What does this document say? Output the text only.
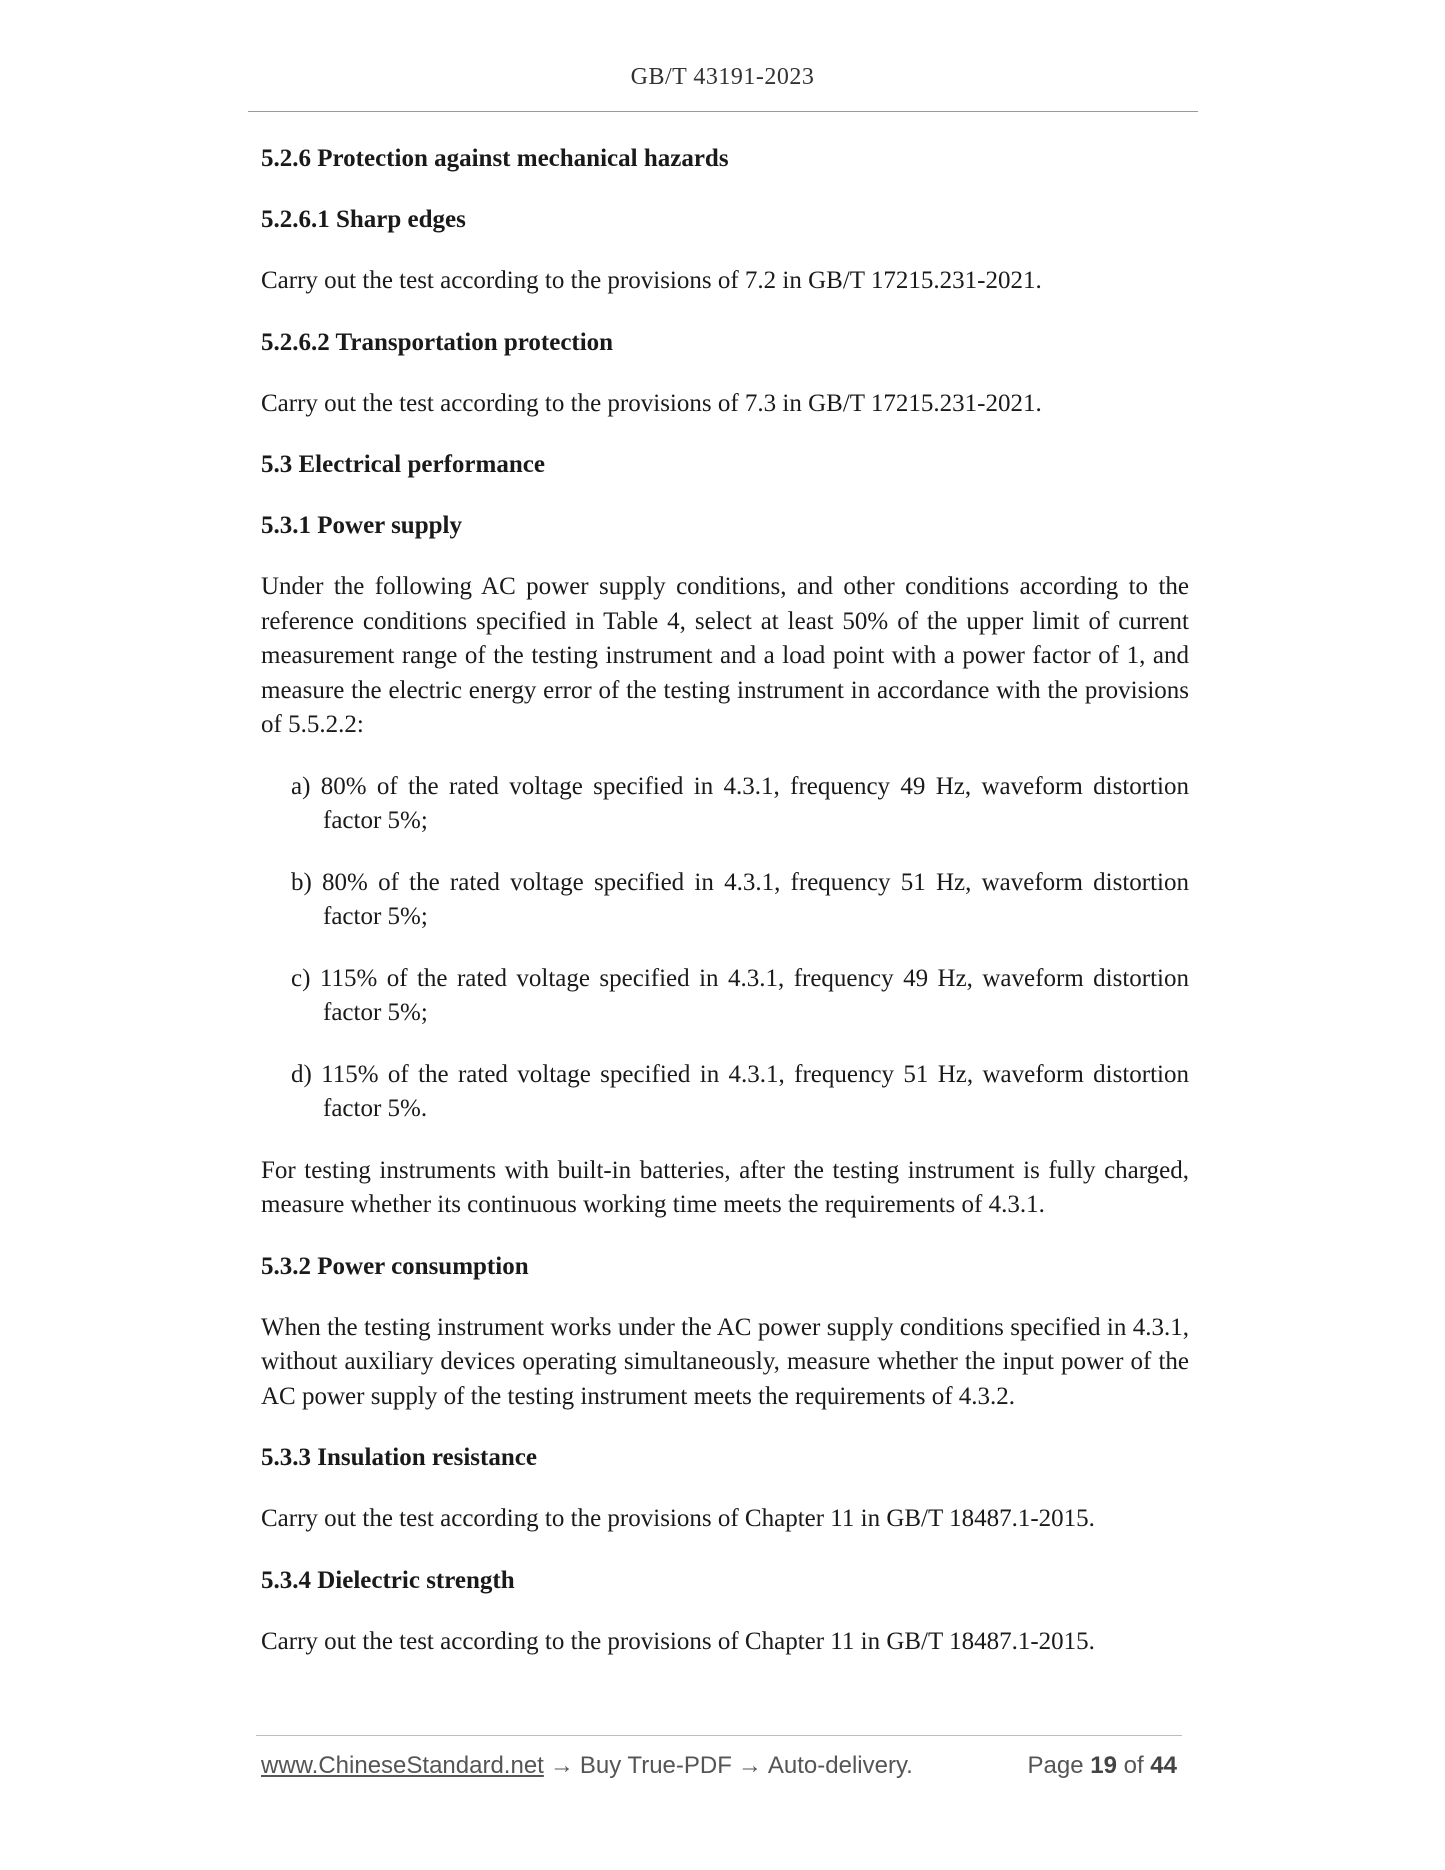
GB/T 43191-2023
5.2.6 Protection against mechanical hazards
5.2.6.1 Sharp edges
Carry out the test according to the provisions of 7.2 in GB/T 17215.231-2021.
5.2.6.2 Transportation protection
Carry out the test according to the provisions of 7.3 in GB/T 17215.231-2021.
5.3 Electrical performance
5.3.1 Power supply
Under the following AC power supply conditions, and other conditions according to the reference conditions specified in Table 4, select at least 50% of the upper limit of current measurement range of the testing instrument and a load point with a power factor of 1, and measure the electric energy error of the testing instrument in accordance with the provisions of 5.5.2.2:
a) 80% of the rated voltage specified in 4.3.1, frequency 49 Hz, waveform distortion factor 5%;
b) 80% of the rated voltage specified in 4.3.1, frequency 51 Hz, waveform distortion factor 5%;
c) 115% of the rated voltage specified in 4.3.1, frequency 49 Hz, waveform distortion factor 5%;
d) 115% of the rated voltage specified in 4.3.1, frequency 51 Hz, waveform distortion factor 5%.
For testing instruments with built-in batteries, after the testing instrument is fully charged, measure whether its continuous working time meets the requirements of 4.3.1.
5.3.2 Power consumption
When the testing instrument works under the AC power supply conditions specified in 4.3.1, without auxiliary devices operating simultaneously, measure whether the input power of the AC power supply of the testing instrument meets the requirements of 4.3.2.
5.3.3 Insulation resistance
Carry out the test according to the provisions of Chapter 11 in GB/T 18487.1-2015.
5.3.4 Dielectric strength
Carry out the test according to the provisions of Chapter 11 in GB/T 18487.1-2015.
www.ChineseStandard.net → Buy True-PDF → Auto-delivery.	Page 19 of 44
